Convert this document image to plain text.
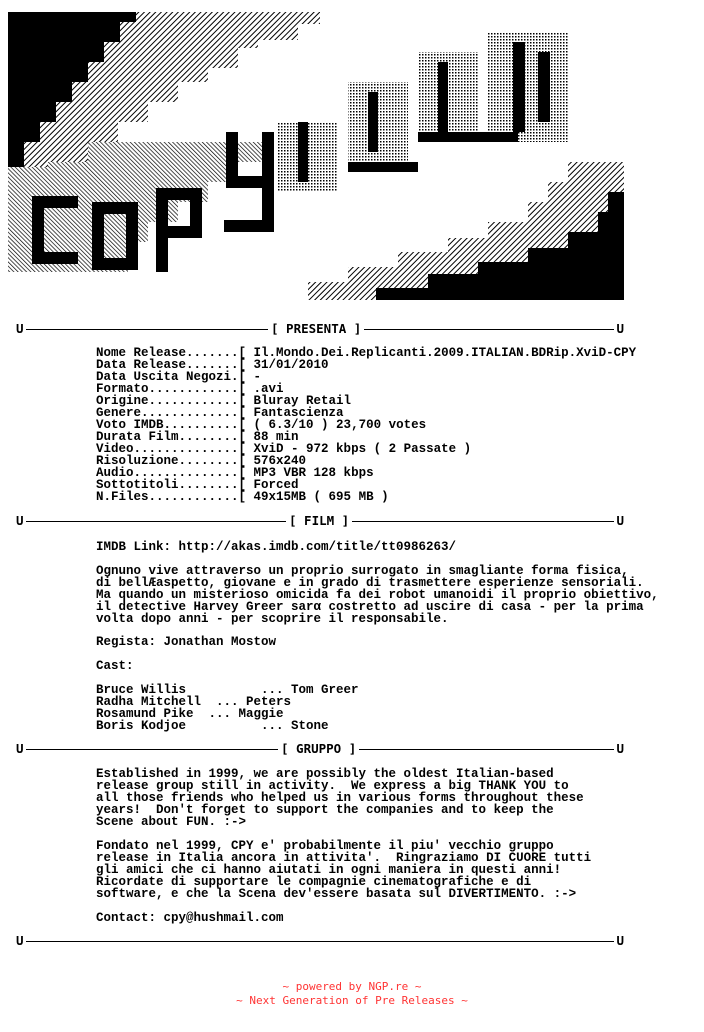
U	U
[ PRESENTA ]
Nome Release.......[ Il.Mondo.Dei.Replicanti.2009.ITALIAN.BDRip.XviD-CPY
Data Release.......[ 31/01/2010
Data Uscita Negozi.[ -
Formato............[ .avi
Origine............[ Bluray Retail
Genere.............[ Fantascienza
Voto IMDB..........[ ( 6.3/10 ) 23,700 votes
Durata Film........[ 88 min
Video..............[ XviD - 972 kbps ( 2 Passate )
Risoluzione........[ 576x240
Audio..............[ MP3 VBR 128 kbps
Sottotitoli........[ Forced
N.Files............[ 49x15MB ( 695 MB )
U	U
[ FILM ]
IMDB Link: http://akas.imdb.com/title/tt0986263/
Ognuno vive attraverso un proprio surrogato in smagliante forma fisica,
di bellÆaspetto, giovane e in grado di trasmettere esperienze sensoriali.
Ma quando un misterioso omicida fa dei robot umanoidi il proprio obiettivo,
il detective Harvey Greer sarα costretto ad uscire di casa - per la prima
volta dopo anni - per scoprire il responsabile.
Regista: Jonathan Mostow
Cast:
Bruce Willis          ... Tom Greer
Radha Mitchell  ... Peters
Rosamund Pike  ... Maggie
Boris Kodjoe          ... Stone
U	U
[ GRUPPO ]
Established in 1999, we are possibly the oldest Italian-based
release group still in activity.  We express a big THANK YOU to
all those friends who helped us in various forms throughout these
years!  Don't forget to support the companies and to keep the
Scene about FUN. :->
Fondato nel 1999, CPY e' probabilmente il piu' vecchio gruppo
release in Italia ancora in attivita'.  Ringraziamo DI CUORE tutti
gli amici che ci hanno aiutati in ogni maniera in questi anni!
Ricordate di supportare le compagnie cinematografiche e di
software, e che la Scena dev'essere basata sul DIVERTIMENTO. :->
Contact: cpy@hushmail.com
U	U
~ powered by NGP.re ~
~ Next Generation of Pre Releases ~
